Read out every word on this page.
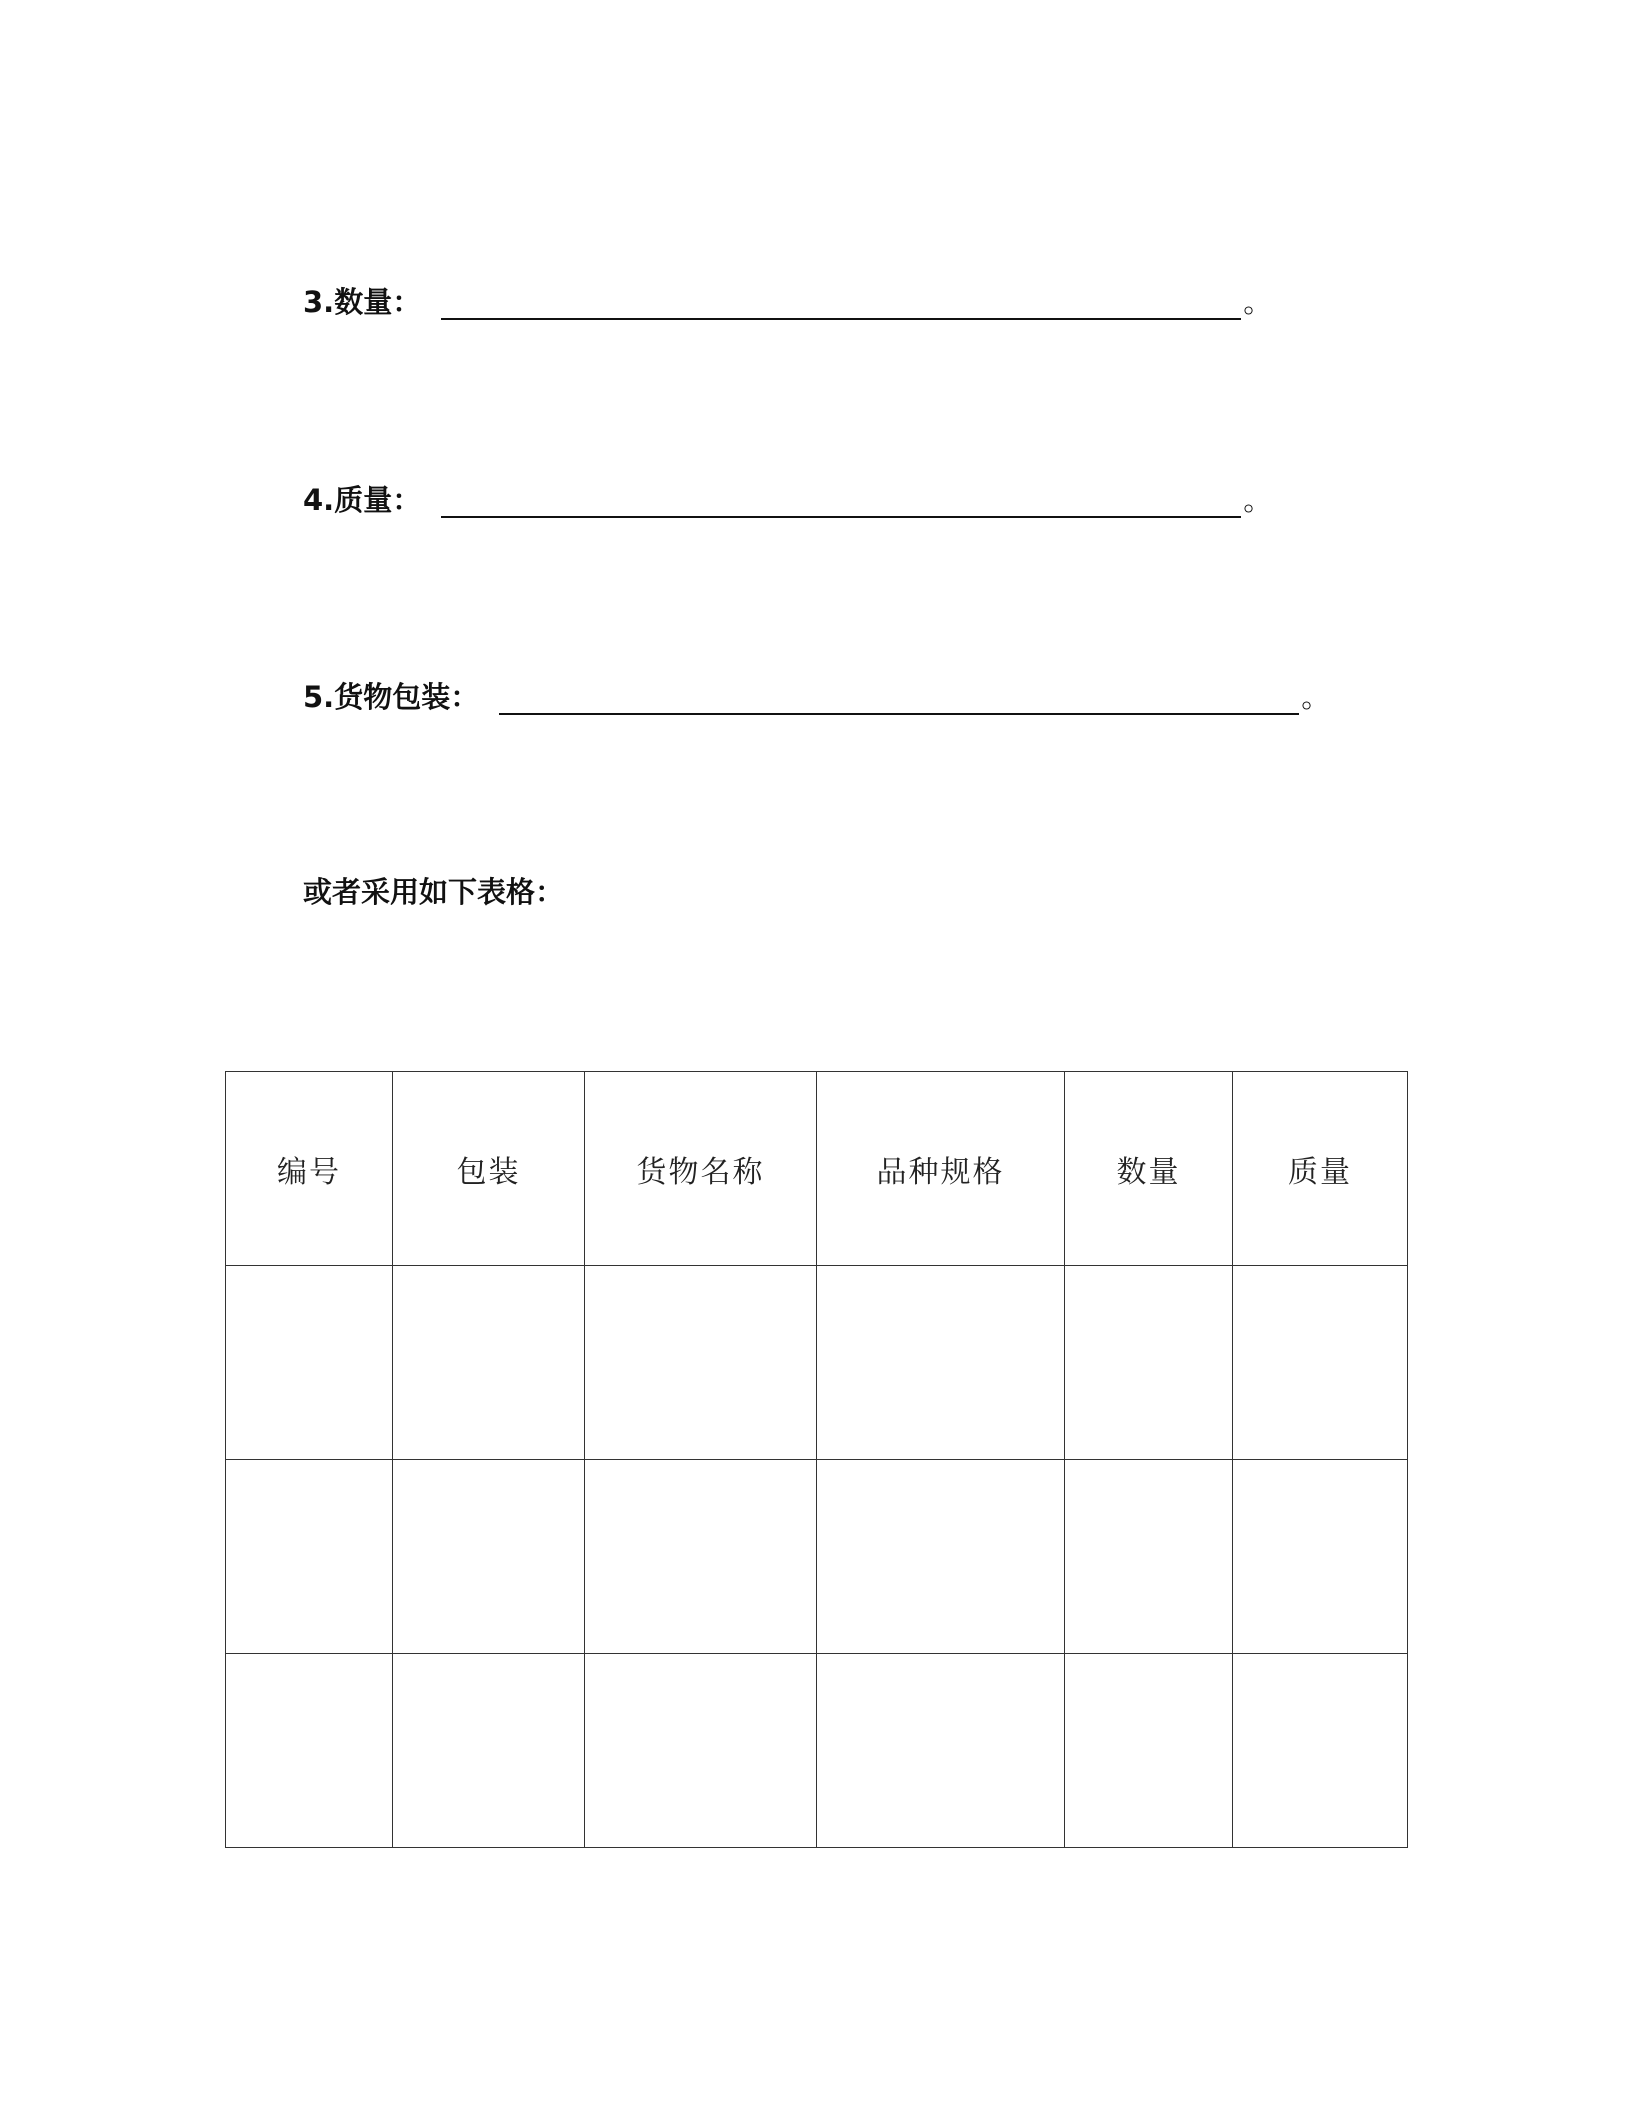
3.数量：	。
4.质量：	。
5.货物包装：	。
或者采用如下表格：
编号	包装	货物名称	品种规格	数量	质量
